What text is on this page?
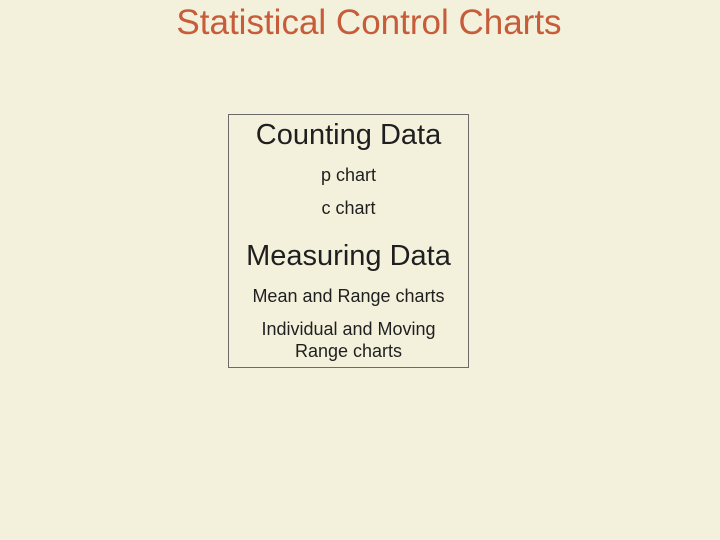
Statistical Control Charts
Counting Data
p chart
c chart
Measuring Data
Mean and Range charts
Individual and Moving Range charts
